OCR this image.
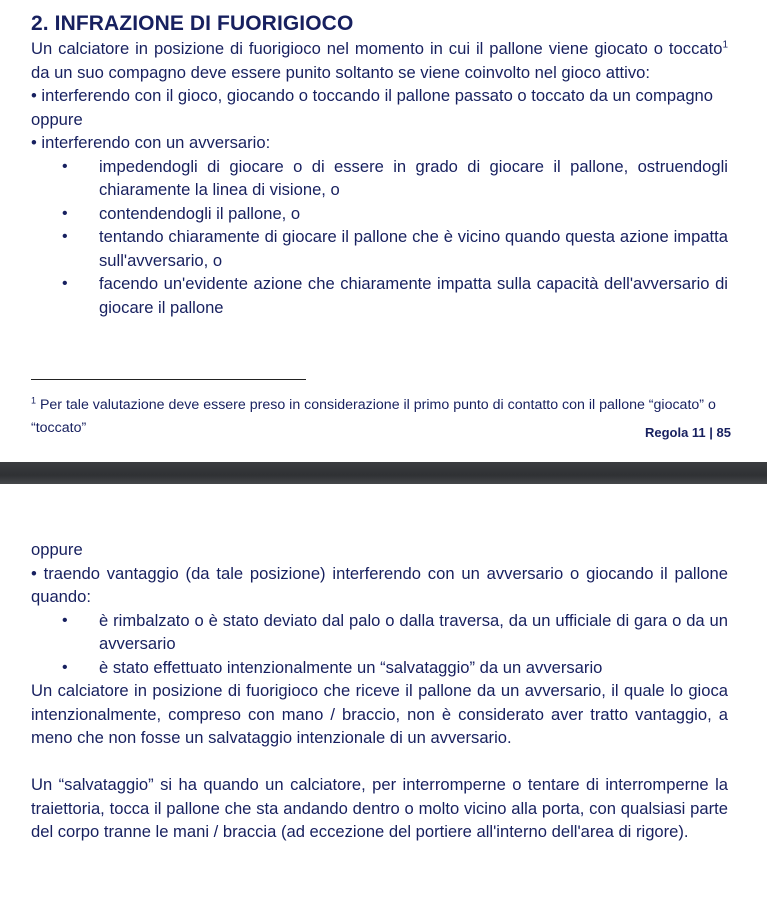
2. INFRAZIONE DI FUORIGIOCO

Un calciatore in posizione di fuorigioco nel momento in cui il pallone viene giocato o toccato$^1$ da un suo compagno deve essere punito soltanto se viene coinvolto nel gioco attivo:

• interferendo con il gioco, giocando o toccando il pallone passato o toccato da un compagno

oppure

• interferendo con un avversario:

• impedendogli di giocare o di essere in grado di giocare il pallone, ostruendogli chiaramente la linea di visione, o
• contendendogli il pallone, o
• tentando chiaramente di giocare il pallone che è vicino quando questa azione impatta sull'avversario, o
• facendo un'evidente azione che chiaramente impatta sulla capacità dell'avversario di giocare il pallone
$^1$ Per tale valutazione deve essere preso in considerazione il primo punto di contatto con il pallone “giocato” o “toccato”	Regola 11 | 85

oppure

• traendo vantaggio (da tale posizione) interferendo con un avversario o giocando il pallone quando:

• è rimbalzato o è stato deviato dal palo o dalla traversa, da un ufficiale di gara o da un avversario
• è stato effettuato intenzionalmente un “salvataggio” da un avversario

Un calciatore in posizione di fuorigioco che riceve il pallone da un avversario, il quale lo gioca intenzionalmente, compreso con mano / braccio, non è considerato aver tratto vantaggio, a meno che non fosse un salvataggio intenzionale di un avversario.

Un “salvataggio” si ha quando un calciatore, per interromperne o tentare di interromperne la traiettoria, tocca il pallone che sta andando dentro o molto vicino alla porta, con qualsiasi parte del corpo tranne le mani / braccia (ad eccezione del portiere all'interno dell'area di rigore).
